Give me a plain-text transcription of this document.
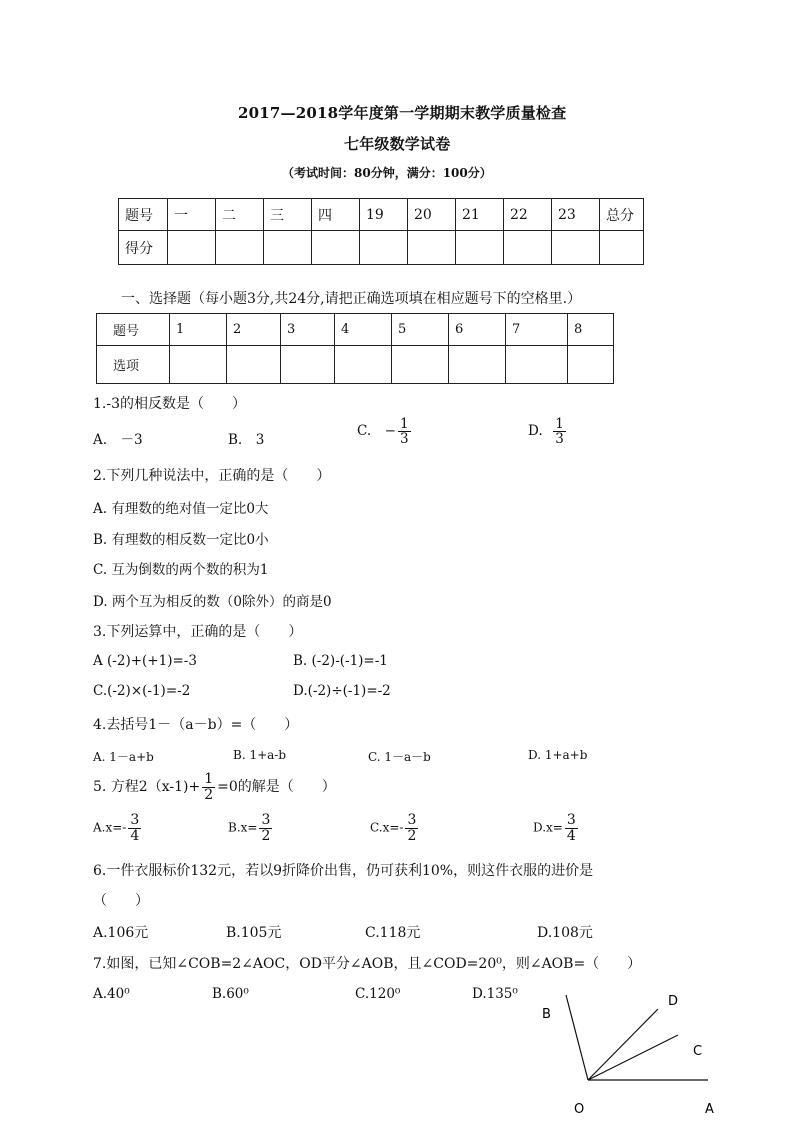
2017—2018学年度第一学期期末教学质量检查
七年级数学试卷
（考试时间：80分钟，满分：100分）
题号	一	二	三	四	19	20	21	22	23	总分
得分										
一、选择题（每小题3分,共24分,请把正确选项填在相应题号下的空格里.）
题号	1	2	3	4	5	6	7	8
选项								
1.-3的相反数是（　　）
A.　－3	B.　3
C.　− $\frac{1}{3}$	D. $\frac{1}{3}$
2.下列几种说法中，正确的是（　　）
A. 有理数的绝对值一定比0大
B. 有理数的相反数一定比0小
C. 互为倒数的两个数的积为1
D. 两个互为相反的数（0除外）的商是0
3.下列运算中，正确的是（　　）
A (-2)+(+1)=-3	B. (-2)-(-1)=-1
C.(-2)×(-1)=-2	D.(-2)÷(-1)=-2
4.去括号1－（a－b）=（　　）
A. 1－a+b	B. 1+a-b	C. 1－a－b	D. 1+a+b
5. 方程$2(x-1)+ \frac{1}{2} =0$的解是（　　）
$A.x=- \frac{3}{4}$	$B.x= \frac{3}{2}$	$C.x=- \frac{3}{2}$	$D.x= \frac{3}{4}$
6.一件衣服标价132元，若以9折降价出售，仍可获利10%，则这件衣服的进价是
（　　）
A.106元	B.105元	C.118元	D.108元
7.如图，已知∠COB=2∠AOC，OD平分∠AOB，且∠COD=20⁰，则∠AOB=（　　）
A.40⁰	B.60⁰	C.120⁰	D.135⁰
B
D
C
O	A
